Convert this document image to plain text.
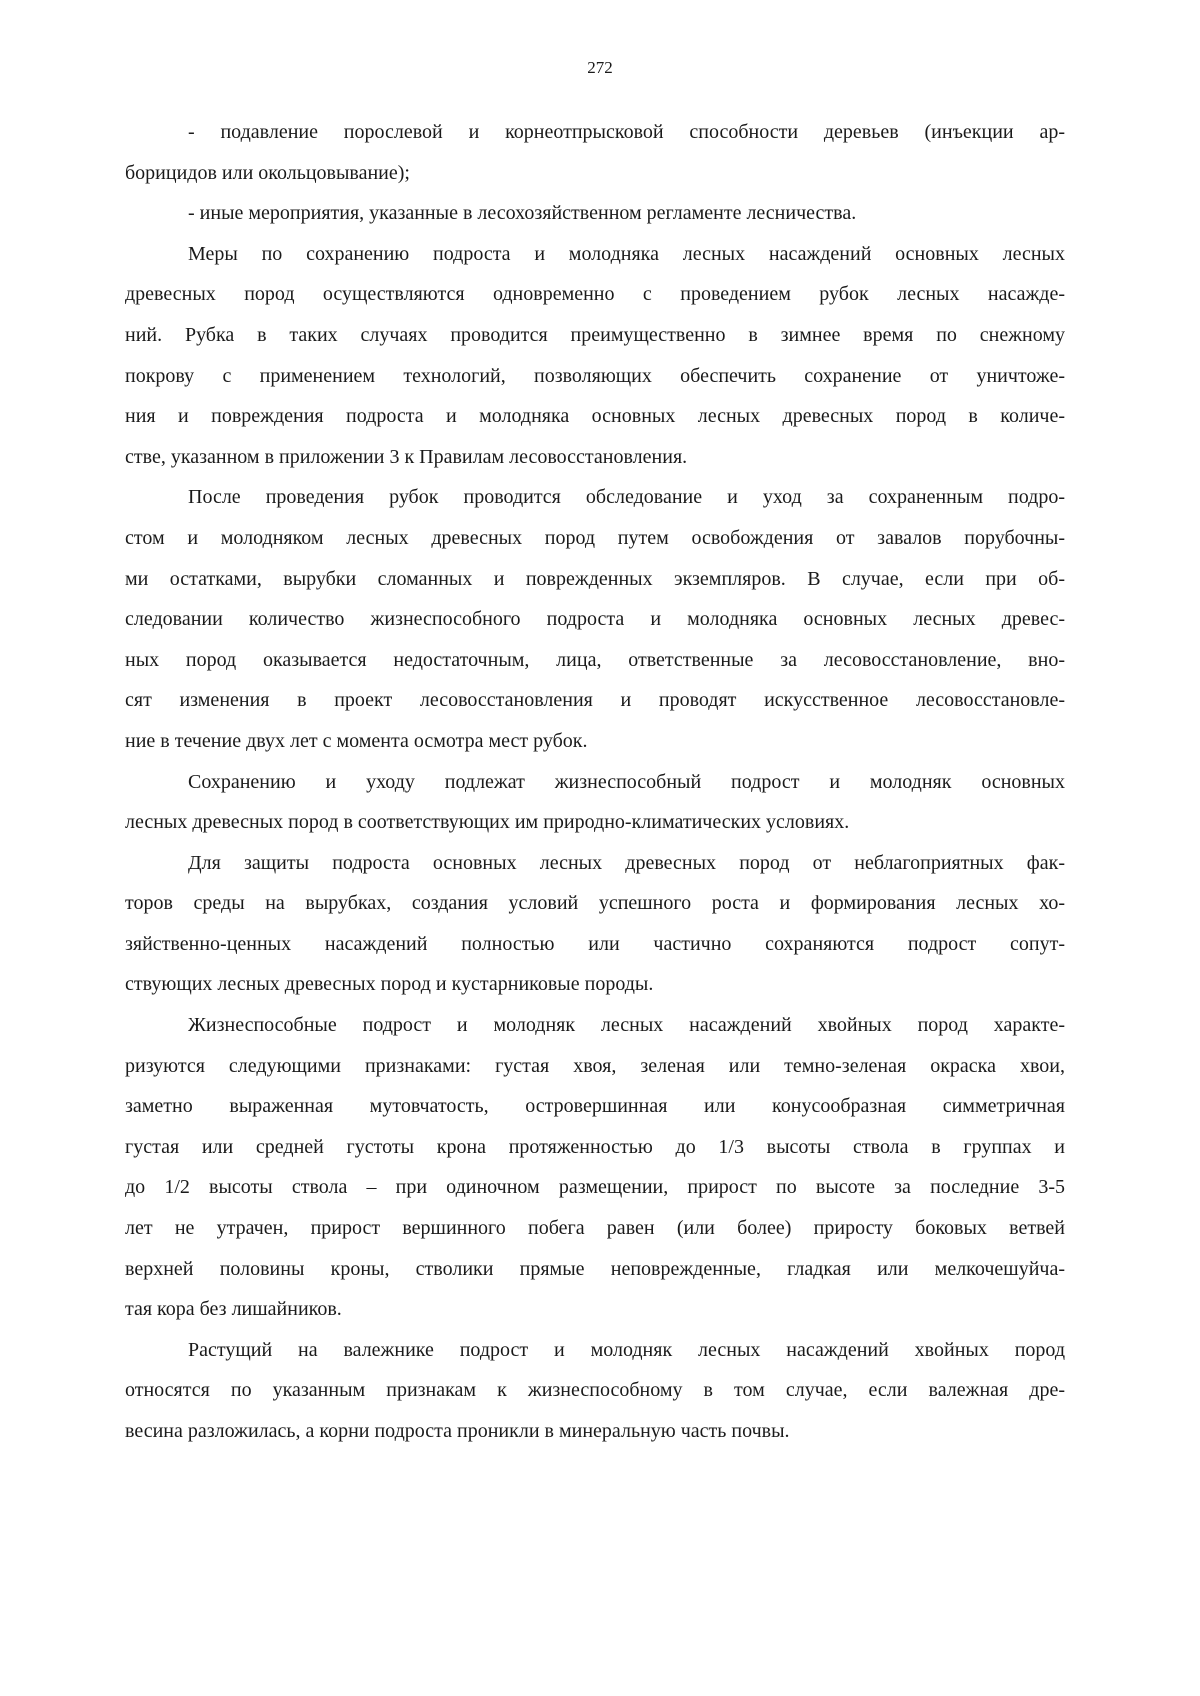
272
- подавление порослевой и корнеотпрысковой способности деревьев (инъекции ар-
борицидов или окольцовывание);
- иные мероприятия, указанные в лесохозяйственном регламенте лесничества.
Меры по сохранению подроста и молодняка лесных насаждений основных лесных
древесных пород осуществляются одновременно с проведением рубок лесных насажде-
ний. Рубка в таких случаях проводится преимущественно в зимнее время по снежному
покрову с применением технологий, позволяющих обеспечить сохранение от уничтоже-
ния и повреждения подроста и молодняка основных лесных древесных пород в количе-
стве, указанном в приложении 3 к Правилам лесовосстановления.
После проведения рубок проводится обследование и уход за сохраненным подро-
стом и молодняком лесных древесных пород путем освобождения от завалов порубочны-
ми остатками, вырубки сломанных и поврежденных экземпляров. В случае, если при об-
следовании количество жизнеспособного подроста и молодняка основных лесных древес-
ных пород оказывается недостаточным, лица, ответственные за лесовосстановление, вно-
сят изменения в проект лесовосстановления и проводят искусственное лесовосстановле-
ние в течение двух лет с момента осмотра мест рубок.
Сохранению и уходу подлежат жизнеспособный подрост и молодняк основных
лесных древесных пород в соответствующих им природно-климатических условиях.
Для защиты подроста основных лесных древесных пород от неблагоприятных фак-
торов среды на вырубках, создания условий успешного роста и формирования лесных хо-
зяйственно-ценных насаждений полностью или частично сохраняются подрост сопут-
ствующих лесных древесных пород и кустарниковые породы.
Жизнеспособные подрост и молодняк лесных насаждений хвойных пород характе-
ризуются следующими признаками: густая хвоя, зеленая или темно-зеленая окраска хвои,
заметно выраженная мутовчатость, островершинная или конусообразная симметричная
густая или средней густоты крона протяженностью до 1/3 высоты ствола в группах и
до 1/2 высоты ствола – при одиночном размещении, прирост по высоте за последние 3-5
лет не утрачен, прирост вершинного побега равен (или более) приросту боковых ветвей
верхней половины кроны, стволики прямые неповрежденные, гладкая или мелкочешуйча-
тая кора без лишайников.
Растущий на валежнике подрост и молодняк лесных насаждений хвойных пород
относятся по указанным признакам к жизнеспособному в том случае, если валежная дре-
весина разложилась, а корни подроста проникли в минеральную часть почвы.
